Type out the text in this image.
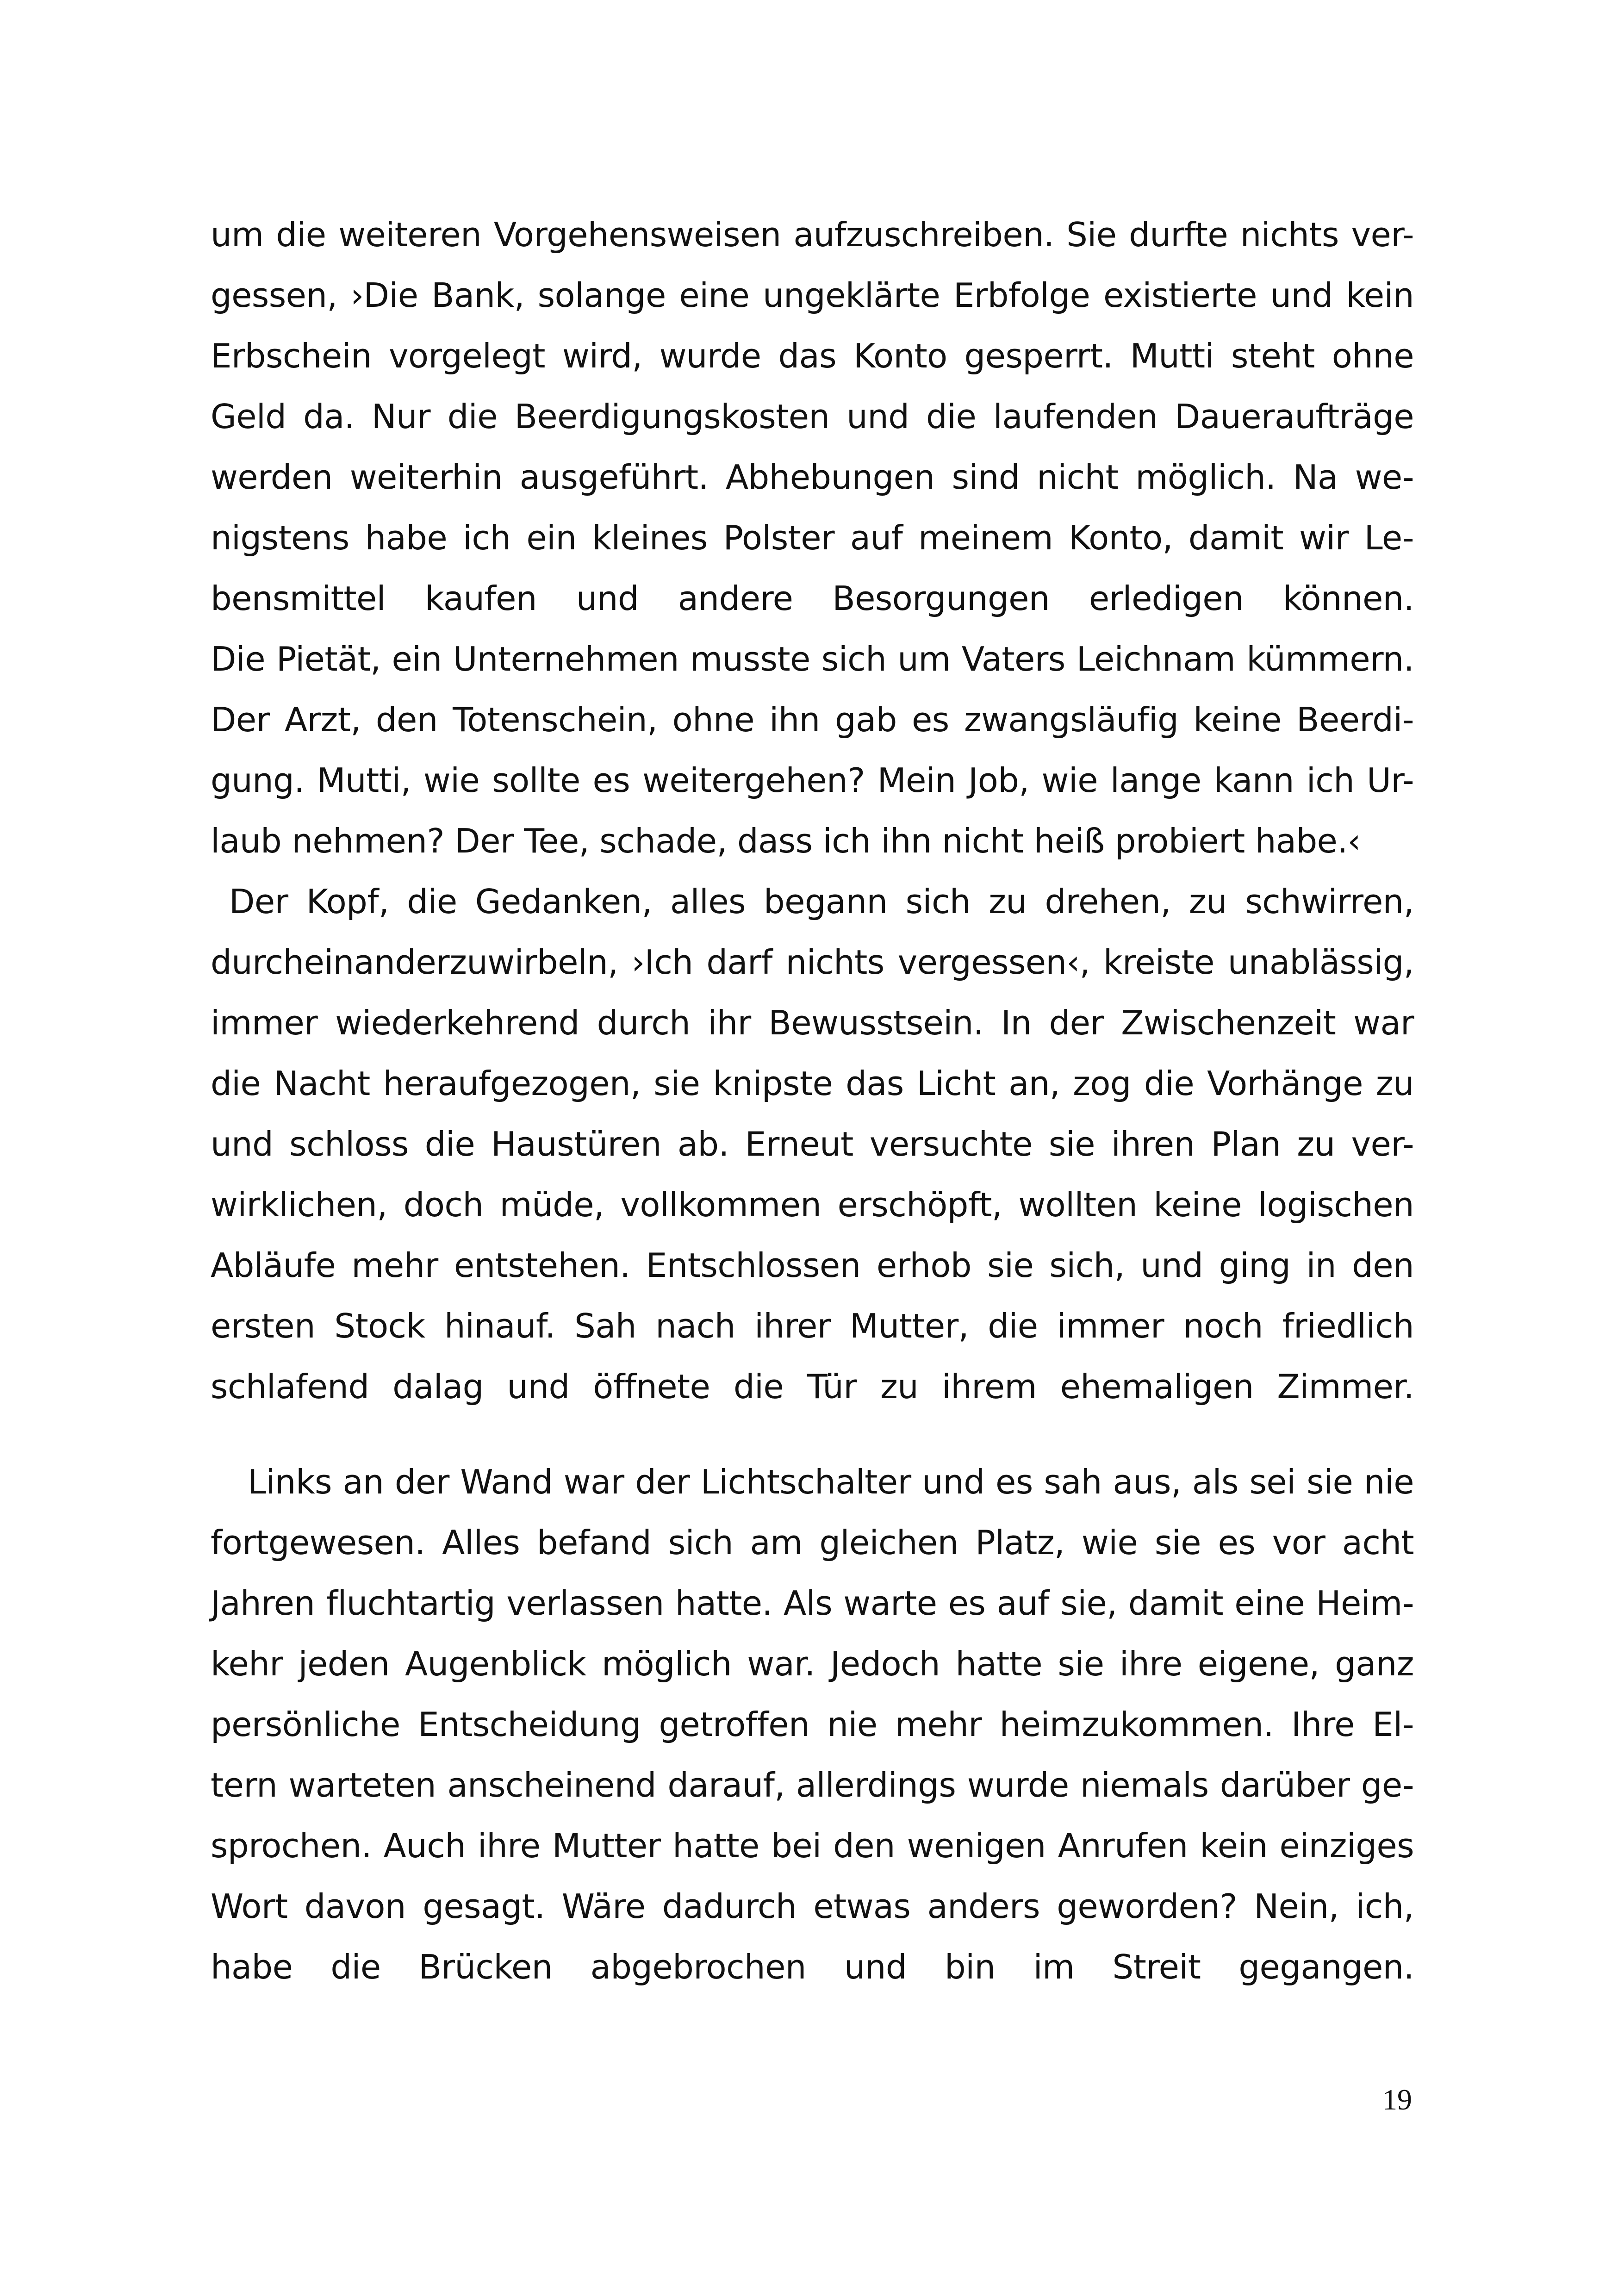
um die weiteren Vorgehensweisen aufzuschreiben. Sie durfte nichts ver-
gessen, ›Die Bank, solange eine ungeklärte Erbfolge existierte und kein
Erbschein vorgelegt wird, wurde das Konto gesperrt. Mutti steht ohne
Geld da. Nur die Beerdigungskosten und die laufenden Daueraufträge
werden weiterhin ausgeführt. Abhebungen sind nicht möglich. Na we-
nigstens habe ich ein kleines Polster auf meinem Konto, damit wir Le-
bensmittel kaufen und andere Besorgungen erledigen können.
Die Pietät, ein Unternehmen musste sich um Vaters Leichnam kümmern.
Der Arzt, den Totenschein, ohne ihn gab es zwangsläufig keine Beerdi-
gung. Mutti, wie sollte es weitergehen? Mein Job, wie lange kann ich Ur-
laub nehmen? Der Tee, schade, dass ich ihn nicht heiß probiert habe.‹
Der Kopf, die Gedanken, alles begann sich zu drehen, zu schwirren,
durcheinanderzuwirbeln, ›Ich darf nichts vergessen‹, kreiste unablässig,
immer wiederkehrend durch ihr Bewusstsein. In der Zwischenzeit war
die Nacht heraufgezogen, sie knipste das Licht an, zog die Vorhänge zu
und schloss die Haustüren ab. Erneut versuchte sie ihren Plan zu ver-
wirklichen, doch müde, vollkommen erschöpft, wollten keine logischen
Abläufe mehr entstehen. Entschlossen erhob sie sich, und ging in den
ersten Stock hinauf. Sah nach ihrer Mutter, die immer noch friedlich
schlafend dalag und öffnete die Tür zu ihrem ehemaligen Zimmer.
Links an der Wand war der Lichtschalter und es sah aus, als sei sie nie
fortgewesen. Alles befand sich am gleichen Platz, wie sie es vor acht
Jahren fluchtartig verlassen hatte. Als warte es auf sie, damit eine Heim-
kehr jeden Augenblick möglich war. Jedoch hatte sie ihre eigene, ganz
persönliche Entscheidung getroffen nie mehr heimzukommen. Ihre El-
tern warteten anscheinend darauf, allerdings wurde niemals darüber ge-
sprochen. Auch ihre Mutter hatte bei den wenigen Anrufen kein einziges
Wort davon gesagt. Wäre dadurch etwas anders geworden? Nein, ich,
habe die Brücken abgebrochen und bin im Streit gegangen.
19
